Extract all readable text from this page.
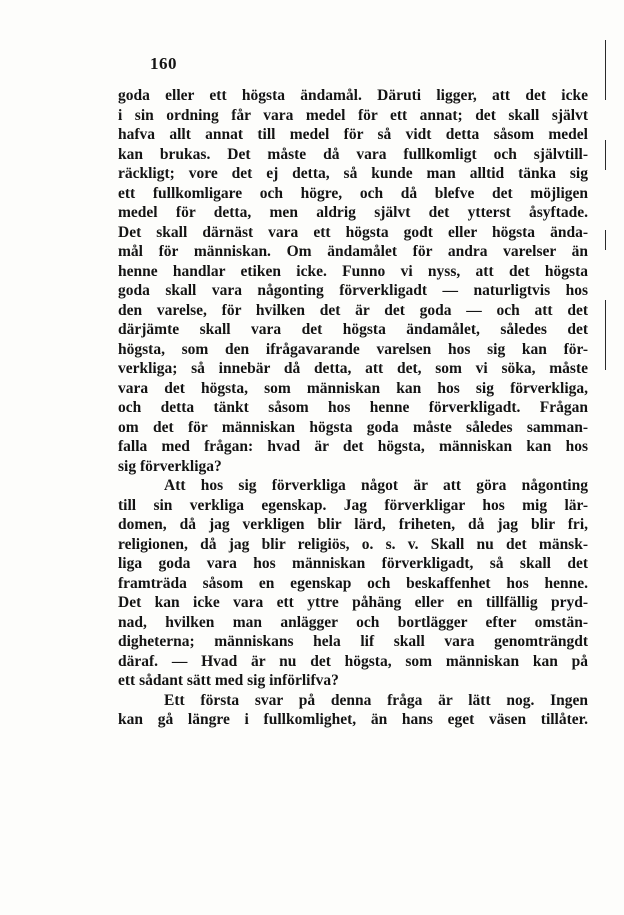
160
goda eller ett högsta ändamål. Däruti ligger, att det icke
i sin ordning får vara medel för ett annat; det skall självt
hafva allt annat till medel för så vidt detta såsom medel
kan brukas. Det måste då vara fullkomligt och självtill-
räckligt; vore det ej detta, så kunde man alltid tänka sig
ett fullkomligare och högre, och då blefve det möjligen
medel för detta, men aldrig självt det ytterst åsyftade.
Det skall därnäst vara ett högsta godt eller högsta ända-
mål för människan. Om ändamålet för andra varelser än
henne handlar etiken icke. Funno vi nyss, att det högsta
goda skall vara någonting förverkligadt — naturligtvis hos
den varelse, för hvilken det är det goda — och att det
därjämte skall vara det högsta ändamålet, således det
högsta, som den ifrågavarande varelsen hos sig kan för-
verkliga; så innebär då detta, att det, som vi söka, måste
vara det högsta, som människan kan hos sig förverkliga,
och detta tänkt såsom hos henne förverkligadt. Frågan
om det för människan högsta goda måste således samman-
falla med frågan: hvad är det högsta, människan kan hos
sig förverkliga?
Att hos sig förverkliga något är att göra någonting
till sin verkliga egenskap. Jag förverkligar hos mig lär-
domen, då jag verkligen blir lärd, friheten, då jag blir fri,
religionen, då jag blir religiös, o. s. v. Skall nu det mänsk-
liga goda vara hos människan förverkligadt, så skall det
framträda såsom en egenskap och beskaffenhet hos henne.
Det kan icke vara ett yttre påhäng eller en tillfällig pryd-
nad, hvilken man anlägger och bortlägger efter omstän-
digheterna; människans hela lif skall vara genomträngdt
däraf. — Hvad är nu det högsta, som människan kan på
ett sådant sätt med sig införlifva?
Ett första svar på denna fråga är lätt nog. Ingen
kan gå längre i fullkomlighet, än hans eget väsen tillåter.
